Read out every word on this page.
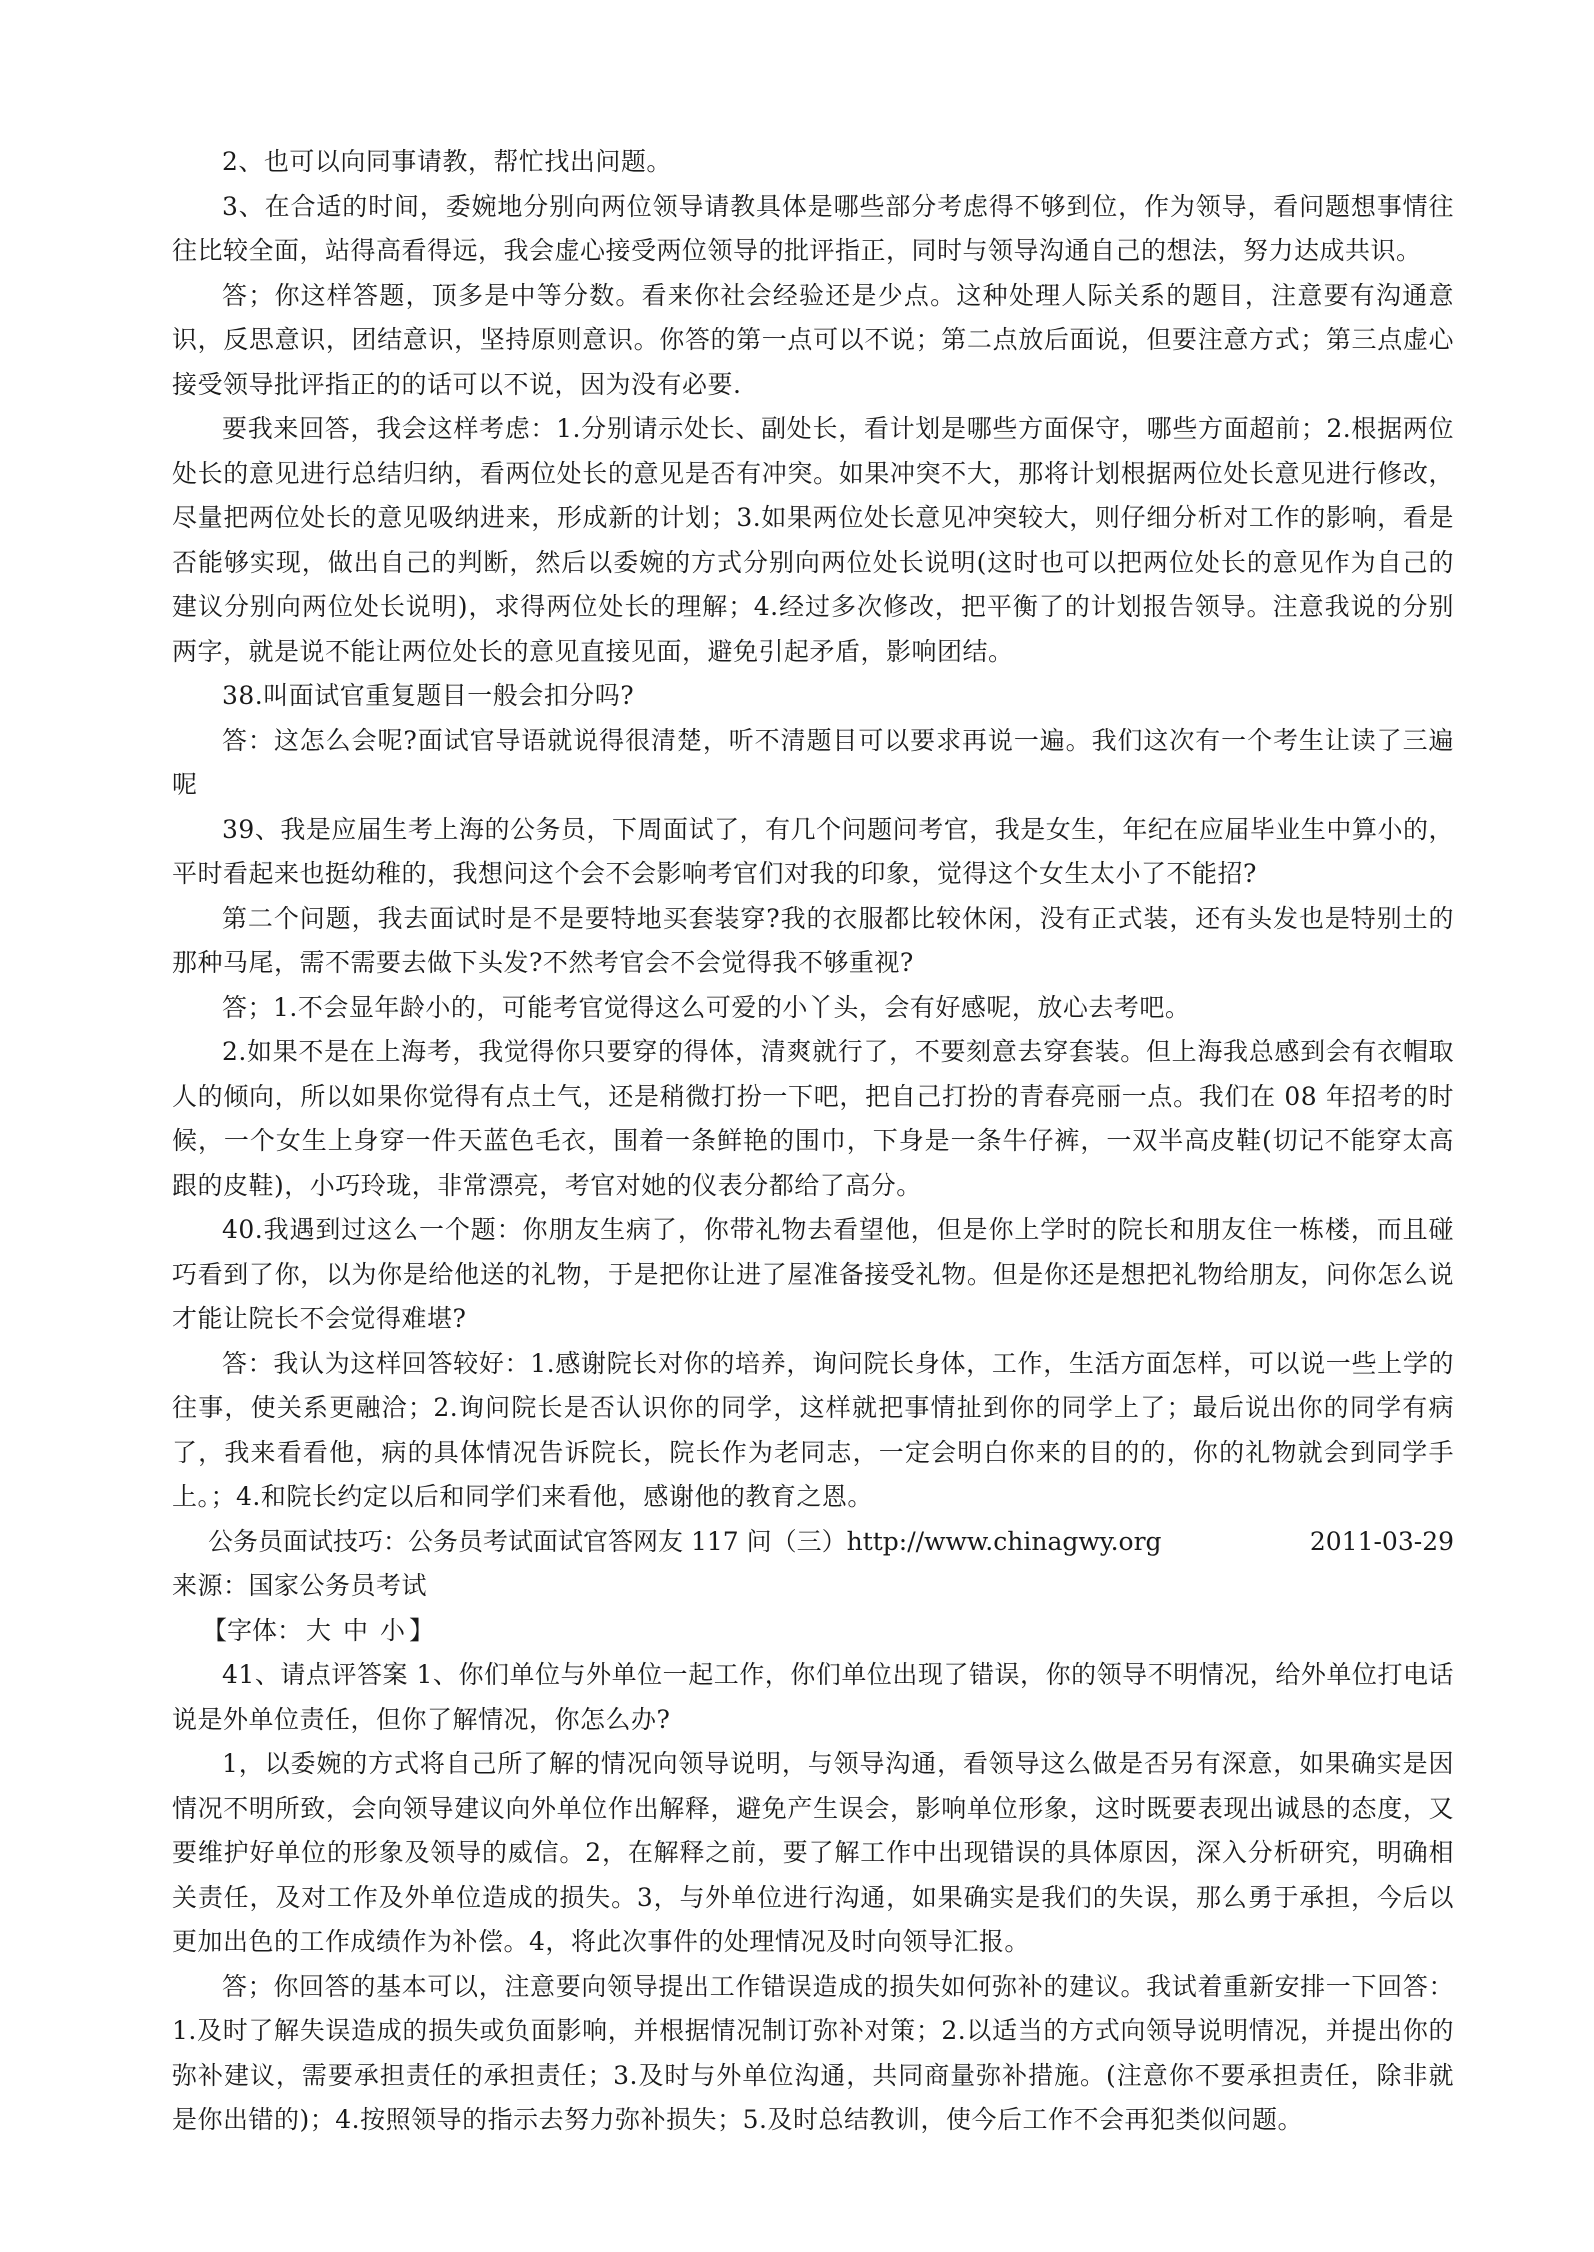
2、也可以向同事请教，帮忙找出问题。

3、在合适的时间，委婉地分别向两位领导请教具体是哪些部分考虑得不够到位，作为领导，看问题想事情往往比较全面，站得高看得远，我会虚心接受两位领导的批评指正，同时与领导沟通自己的想法，努力达成共识。

答；你这样答题，顶多是中等分数。看来你社会经验还是少点。这种处理人际关系的题目，注意要有沟通意识，反思意识，团结意识，坚持原则意识。你答的第一点可以不说；第二点放后面说，但要注意方式；第三点虚心接受领导批评指正的的话可以不说，因为没有必要.

要我来回答，我会这样考虑：1.分别请示处长、副处长，看计划是哪些方面保守，哪些方面超前；2.根据两位处长的意见进行总结归纳，看两位处长的意见是否有冲突。如果冲突不大，那将计划根据两位处长意见进行修改，尽量把两位处长的意见吸纳进来，形成新的计划；3.如果两位处长意见冲突较大，则仔细分析对工作的影响，看是否能够实现，做出自己的判断，然后以委婉的方式分别向两位处长说明(这时也可以把两位处长的意见作为自己的建议分别向两位处长说明)，求得两位处长的理解；4.经过多次修改，把平衡了的计划报告领导。注意我说的分别两字，就是说不能让两位处长的意见直接见面，避免引起矛盾，影响团结。

38.叫面试官重复题目一般会扣分吗?

答：这怎么会呢?面试官导语就说得很清楚，听不清题目可以要求再说一遍。我们这次有一个考生让读了三遍呢

39、我是应届生考上海的公务员，下周面试了，有几个问题问考官，我是女生，年纪在应届毕业生中算小的，平时看起来也挺幼稚的，我想问这个会不会影响考官们对我的印象，觉得这个女生太小了不能招?

第二个问题，我去面试时是不是要特地买套装穿?我的衣服都比较休闲，没有正式装，还有头发也是特别土的那种马尾，需不需要去做下头发?不然考官会不会觉得我不够重视?

答；1.不会显年龄小的，可能考官觉得这么可爱的小丫头，会有好感呢，放心去考吧。

2.如果不是在上海考，我觉得你只要穿的得体，清爽就行了，不要刻意去穿套装。但上海我总感到会有衣帽取人的倾向，所以如果你觉得有点土气，还是稍微打扮一下吧，把自己打扮的青春亮丽一点。我们在 08 年招考的时候，一个女生上身穿一件天蓝色毛衣，围着一条鲜艳的围巾，下身是一条牛仔裤，一双半高皮鞋(切记不能穿太高跟的皮鞋)，小巧玲珑，非常漂亮，考官对她的仪表分都给了高分。

40.我遇到过这么一个题：你朋友生病了，你带礼物去看望他，但是你上学时的院长和朋友住一栋楼，而且碰巧看到了你，以为你是给他送的礼物，于是把你让进了屋准备接受礼物。但是你还是想把礼物给朋友，问你怎么说才能让院长不会觉得难堪?

答：我认为这样回答较好：1.感谢院长对你的培养，询问院长身体，工作，生活方面怎样，可以说一些上学的往事，使关系更融洽；2.询问院长是否认识你的同学，这样就把事情扯到你的同学上了；最后说出你的同学有病了，我来看看他，病的具体情况告诉院长，院长作为老同志，一定会明白你来的目的的，你的礼物就会到同学手上。；4.和院长约定以后和同学们来看他，感谢他的教育之恩。

公务员面试技巧：公务员考试面试官答网友 117 问（三）http://www.chinagwy.org	2011-03-29

来源：国家公务员考试

【字体： 大 中 小 】

41、请点评答案 1、你们单位与外单位一起工作，你们单位出现了错误，你的领导不明情况，给外单位打电话说是外单位责任，但你了解情况，你怎么办?

1，以委婉的方式将自己所了解的情况向领导说明，与领导沟通，看领导这么做是否另有深意，如果确实是因情况不明所致，会向领导建议向外单位作出解释，避免产生误会，影响单位形象，这时既要表现出诚恳的态度，又要维护好单位的形象及领导的威信。2，在解释之前，要了解工作中出现错误的具体原因，深入分析研究，明确相关责任，及对工作及外单位造成的损失。3，与外单位进行沟通，如果确实是我们的失误，那么勇于承担，今后以更加出色的工作成绩作为补偿。4，将此次事件的处理情况及时向领导汇报。

答；你回答的基本可以，注意要向领导提出工作错误造成的损失如何弥补的建议。我试着重新安排一下回答：1.及时了解失误造成的损失或负面影响，并根据情况制订弥补对策；2.以适当的方式向领导说明情况，并提出你的弥补建议，需要承担责任的承担责任；3.及时与外单位沟通，共同商量弥补措施。(注意你不要承担责任，除非就是你出错的)；4.按照领导的指示去努力弥补损失；5.及时总结教训，使今后工作不会再犯类似问题。
